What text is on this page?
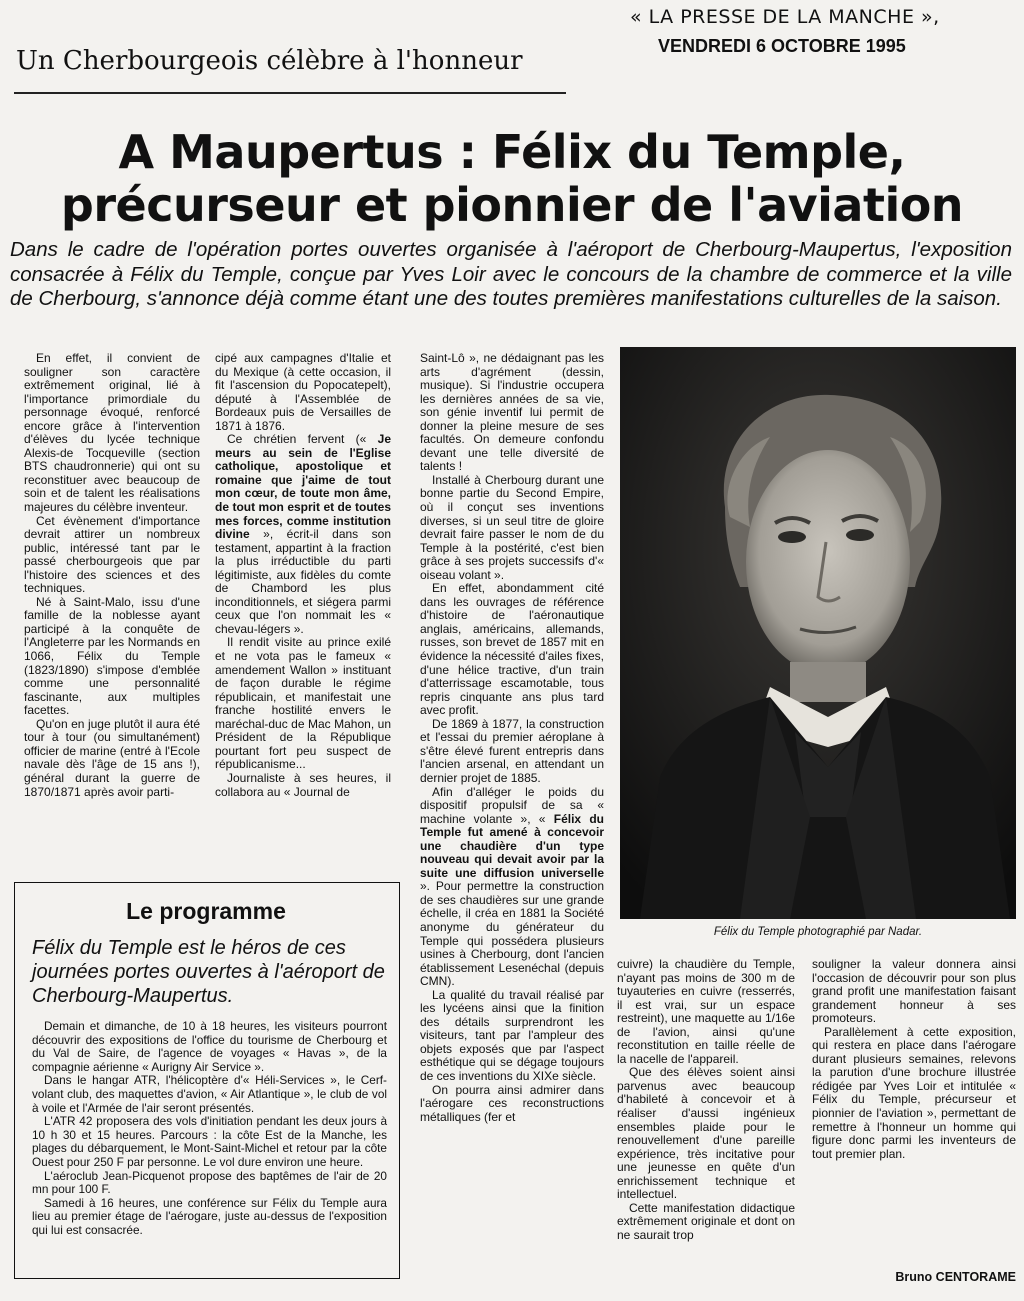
« LA PRESSE DE LA MANCHE »,
VENDREDI 6 OCTOBRE 1995
Un Cherbourgeois célèbre à l'honneur
A Maupertus : Félix du Temple,
précurseur et pionnier de l'aviation
Dans le cadre de l'opération portes ouvertes organisée à l'aéroport de Cherbourg-Maupertus, l'exposition consacrée à Félix du Temple, conçue par Yves Loir avec le concours de la chambre de commerce et la ville de Cherbourg, s'annonce déjà comme étant une des toutes premières manifestations culturelles de la saison.

En effet, il convient de souligner son caractère extrêmement original, lié à l'importance primordiale du personnage évoqué, renforcé encore grâce à l'intervention d'élèves du lycée technique Alexis-de Tocqueville (section BTS chaudronnerie) qui ont su reconstituer avec beaucoup de soin et de talent les réalisations majeures du célèbre inventeur.

Cet évènement d'importance devrait attirer un nombreux public, intéressé tant par le passé cherbourgeois que par l'histoire des sciences et des techniques.

Né à Saint-Malo, issu d'une famille de la noblesse ayant participé à la conquête de l'Angleterre par les Normands en 1066, Félix du Temple (1823/1890) s'impose d'emblée comme une personnalité fascinante, aux multiples facettes.

Qu'on en juge plutôt il aura été tour à tour (ou simultanément) officier de marine (entré à l'Ecole navale dès l'âge de 15 ans !), général durant la guerre de 1870/1871 après avoir parti-

cipé aux campagnes d'Italie et du Mexique (à cette occasion, il fit l'ascension du Popocatepelt), député à l'Assemblée de Bordeaux puis de Versailles de 1871 à 1876.

Ce chrétien fervent (« Je meurs au sein de l'Eglise catholique, apostolique et romaine que j'aime de tout mon cœur, de toute mon âme, de tout mon esprit et de toutes mes forces, comme institution divine », écrit-il dans son testament, appartint à la fraction la plus irréductible du parti légitimiste, aux fidèles du comte de Chambord les plus inconditionnels, et siégera parmi ceux que l'on nommait les « chevau-légers ».

Il rendit visite au prince exilé et ne vota pas le fameux « amendement Wallon » instituant de façon durable le régime républicain, et manifestait une franche hostilité envers le maréchal-duc de Mac Mahon, un Président de la République pourtant fort peu suspect de républicanisme...

Journaliste à ses heures, il collabora au « Journal de

Saint-Lô », ne dédaignant pas les arts d'agrément (dessin, musique). Si l'industrie occupera les dernières années de sa vie, son génie inventif lui permit de donner la pleine mesure de ses facultés. On demeure confondu devant une telle diversité de talents !

Installé à Cherbourg durant une bonne partie du Second Empire, où il conçut ses inventions diverses, si un seul titre de gloire devrait faire passer le nom de du Temple à la postérité, c'est bien grâce à ses projets successifs d'« oiseau volant ».

En effet, abondamment cité dans les ouvrages de référence d'histoire de l'aéronautique anglais, américains, allemands, russes, son brevet de 1857 mit en évidence la nécessité d'ailes fixes, d'une hélice tractive, d'un train d'atterrissage escamotable, tous repris cinquante ans plus tard avec profit.

De 1869 à 1877, la construction et l'essai du premier aéroplane à s'être élevé furent entrepris dans l'ancien arsenal, en attendant un dernier projet de 1885.

Afin d'alléger le poids du dispositif propulsif de sa « machine volante », « Félix du Temple fut amené à concevoir une chaudière d'un type nouveau qui devait avoir par la suite une diffusion universelle ». Pour permettre la construction de ses chaudières sur une grande échelle, il créa en 1881 la Société anonyme du générateur du Temple qui possédera plusieurs usines à Cherbourg, dont l'ancien établissement Lesenéchal (depuis CMN).

La qualité du travail réalisé par les lycéens ainsi que la finition des détails surprendront les visiteurs, tant par l'ampleur des objets exposés que par l'aspect esthétique qui se dégage toujours de ces inventions du XIXe siècle.

On pourra ainsi admirer dans l'aérogare ces reconstructions métalliques (fer et

Félix du Temple photographié par Nadar.

cuivre) la chaudière du Temple, n'ayant pas moins de 300 m de tuyauteries en cuivre (resserrés, il est vrai, sur un espace restreint), une maquette au 1/16e de l'avion, ainsi qu'une reconstitution en taille réelle de la nacelle de l'appareil.

Que des élèves soient ainsi parvenus avec beaucoup d'habileté à concevoir et à réaliser d'aussi ingénieux ensembles plaide pour le renouvellement d'une pareille expérience, très incitative pour une jeunesse en quête d'un enrichissement technique et intellectuel.

Cette manifestation didactique extrêmement originale et dont on ne saurait trop

souligner la valeur donnera ainsi l'occasion de découvrir pour son plus grand profit une manifestation faisant grandement honneur à ses promoteurs.

Parallèlement à cette exposition, qui restera en place dans l'aérogare durant plusieurs semaines, relevons la parution d'une brochure illustrée rédigée par Yves Loir et intitulée « Félix du Temple, précurseur et pionnier de l'aviation », permettant de remettre à l'honneur un homme qui figure donc parmi les inventeurs de tout premier plan.

Bruno CENTORAME
Le programme
Félix du Temple est le héros de ces journées portes ouvertes à l'aéroport de Cherbourg-Maupertus.

Demain et dimanche, de 10 à 18 heures, les visiteurs pourront découvrir des expositions de l'office du tourisme de Cherbourg et du Val de Saire, de l'agence de voyages « Havas », de la compagnie aérienne « Aurigny Air Service ».

Dans le hangar ATR, l'hélicoptère d'« Héli-Services », le Cerf-volant club, des maquettes d'avion, « Air Atlantique », le club de vol à voile et l'Armée de l'air seront présentés.

L'ATR 42 proposera des vols d'initiation pendant les deux jours à 10 h 30 et 15 heures. Parcours : la côte Est de la Manche, les plages du débarquement, le Mont-Saint-Michel et retour par la côte Ouest pour 250 F par personne. Le vol dure environ une heure.

L'aéroclub Jean-Picquenot propose des baptêmes de l'air de 20 mn pour 100 F.

Samedi à 16 heures, une conférence sur Félix du Temple aura lieu au premier étage de l'aérogare, juste au-dessus de l'exposition qui lui est consacrée.
